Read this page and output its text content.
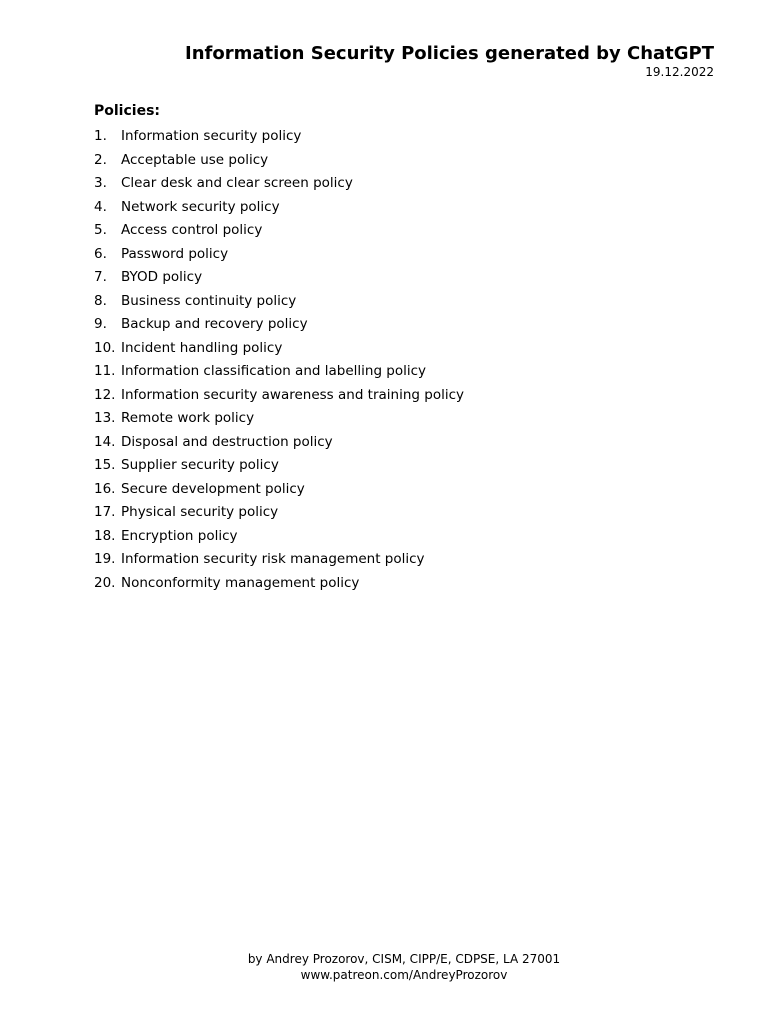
Information Security Policies generated by ChatGPT
19.12.2022
Policies:
1. Information security policy
2. Acceptable use policy
3. Clear desk and clear screen policy
4. Network security policy
5. Access control policy
6. Password policy
7. BYOD policy
8. Business continuity policy
9. Backup and recovery policy
10. Incident handling policy
11. Information classification and labelling policy
12. Information security awareness and training policy
13. Remote work policy
14. Disposal and destruction policy
15. Supplier security policy
16. Secure development policy
17. Physical security policy
18. Encryption policy
19. Information security risk management policy
20. Nonconformity management policy
by Andrey Prozorov, CISM, CIPP/E, CDPSE, LA 27001
www.patreon.com/AndreyProzorov
